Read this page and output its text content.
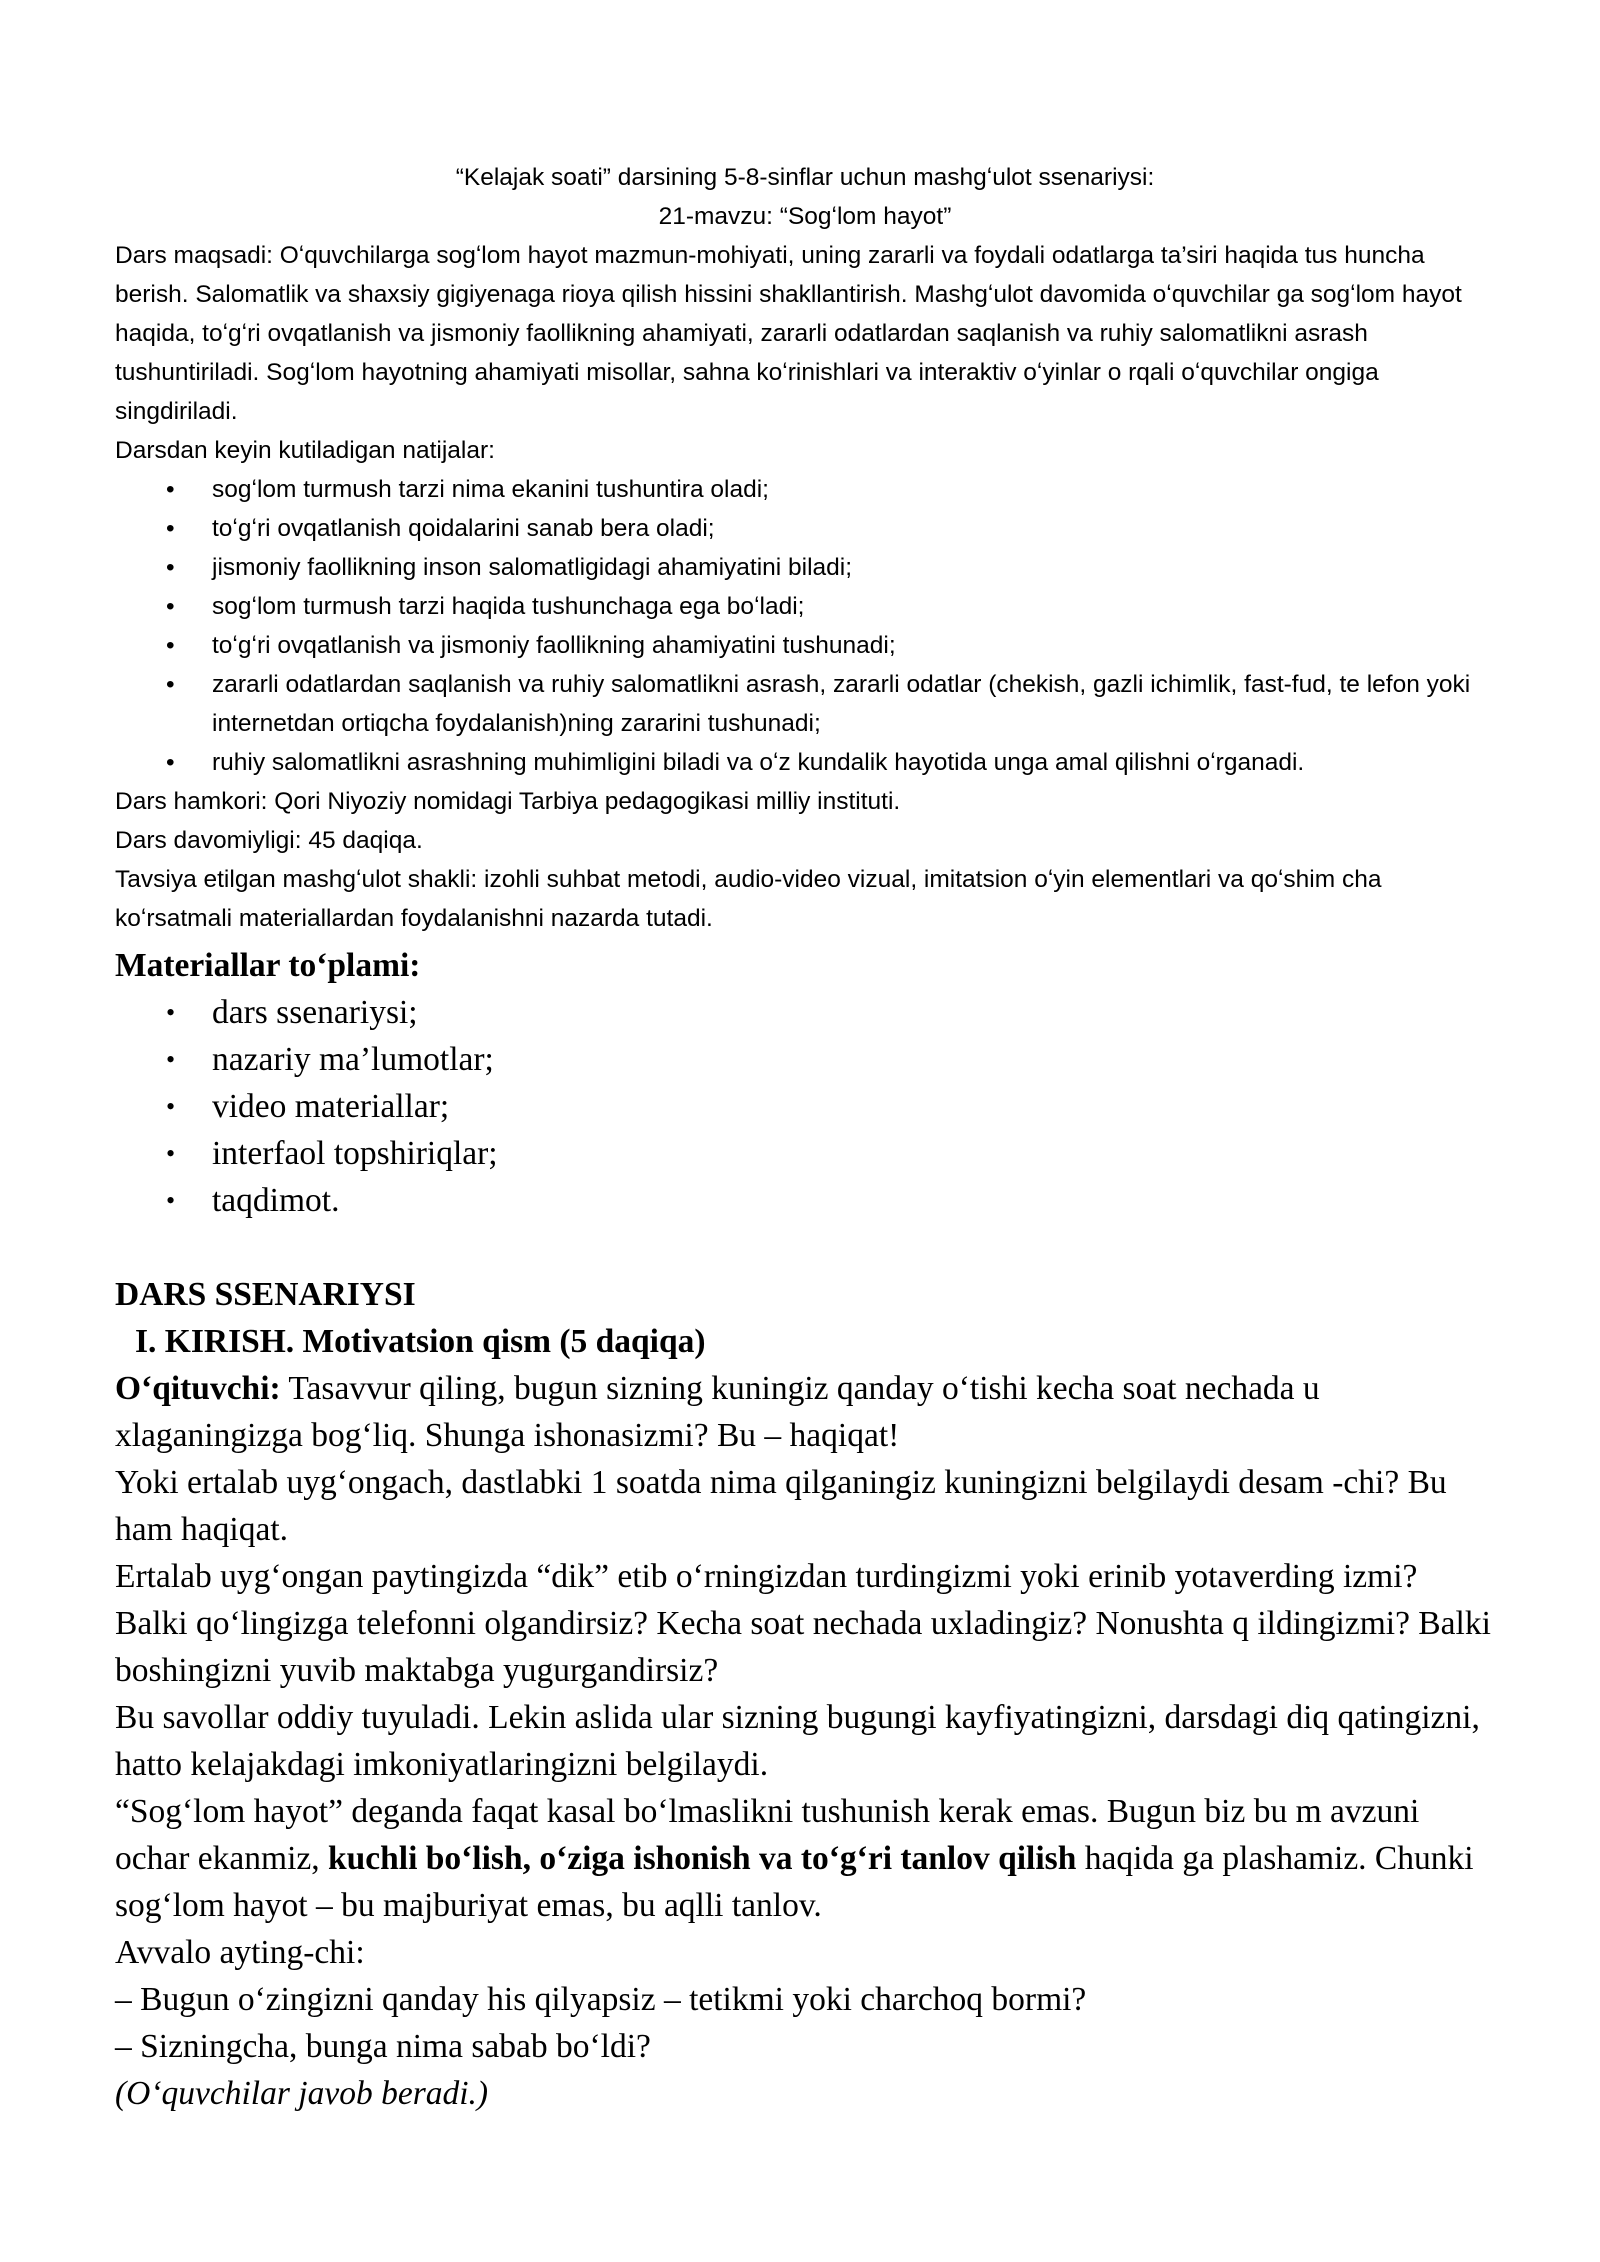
“Kelajak soati” darsining 5-8-sinflar uchun mashgʻulot ssenariysi:

21-mavzu: “Sogʻlom hayot”

Dars maqsadi: Oʻquvchilarga sogʻlom hayot mazmun-mohiyati, uning zararli va foydali odatlarga ta’siri haqida tus huncha berish. Salomatlik va shaxsiy gigiyenaga rioya qilish hissini shakllantirish. Mashgʻulot davomida oʻquvchilar ga sogʻlom hayot haqida, toʻgʻri ovqatlanish va jismoniy faollikning ahamiyati, zararli odatlardan saqlanish va ruhiy salomatlikni asrash tushuntiriladi. Sogʻlom hayotning ahamiyati misollar, sahna koʻrinishlari va interaktiv oʻyinlar o rqali oʻquvchilar ongiga singdiriladi.

Darsdan keyin kutiladigan natijalar:

• sogʻlom turmush tarzi nima ekanini tushuntira oladi;
• toʻgʻri ovqatlanish qoidalarini sanab bera oladi;
• jismoniy faollikning inson salomatligidagi ahamiyatini biladi;
• sogʻlom turmush tarzi haqida tushunchaga ega boʻladi;
• toʻgʻri ovqatlanish va jismoniy faollikning ahamiyatini tushunadi;
• zararli odatlardan saqlanish va ruhiy salomatlikni asrash, zararli odatlar (chekish, gazli ichimlik, fast-fud, te lefon yoki internetdan ortiqcha foydalanish)ning zararini tushunadi;
• ruhiy salomatlikni asrashning muhimligini biladi va oʻz kundalik hayotida unga amal qilishni oʻrganadi.

Dars hamkori: Qori Niyoziy nomidagi Tarbiya pedagogikasi milliy instituti.

Dars davomiyligi: 45 daqiqa.

Tavsiya etilgan mashgʻulot shakli: izohli suhbat metodi, audio-video vizual, imitatsion oʻyin elementlari va qoʻshim cha koʻrsatmali materiallardan foydalanishni nazarda tutadi.

Materiallar toʻplami:

• dars ssenariysi;
• nazariy ma’lumotlar;
• video materiallar;
• interfaol topshiriqlar;
• taqdimot.

DARS SSENARIYSI

I. KIRISH. Motivatsion qism (5 daqiqa)

Oʻqituvchi: Tasavvur qiling, bugun sizning kuningiz qanday oʻtishi kecha soat nechada u xlaganingizga bogʻliq. Shunga ishonasizmi? Bu – haqiqat!

Yoki ertalab uygʻongach, dastlabki 1 soatda nima qilganingiz kuningizni belgilaydi desam -chi? Bu ham haqiqat.

Ertalab uygʻongan paytingizda “dik” etib oʻrningizdan turdingizmi yoki erinib yotaverding izmi? Balki qoʻlingizga telefonni olgandirsiz? Kecha soat nechada uxladingiz? Nonushta q ildingizmi? Balki boshingizni yuvib maktabga yugurgandirsiz?

Bu savollar oddiy tuyuladi. Lekin aslida ular sizning bugungi kayfiyatingizni, darsdagi diq qatingizni, hatto kelajakdagi imkoniyatlaringizni belgilaydi.

“Sogʻlom hayot” deganda faqat kasal boʻlmaslikni tushunish kerak emas. Bugun biz bu m avzuni ochar ekanmiz, kuchli boʻlish, oʻziga ishonish va toʻgʻri tanlov qilish haqida ga plashamiz. Chunki sogʻlom hayot – bu majburiyat emas, bu aqlli tanlov.

Avvalo ayting-chi:

– Bugun oʻzingizni qanday his qilyapsiz – tetikmi yoki charchoq bormi?

– Sizningcha, bunga nima sabab boʻldi?

(Oʻquvchilar javob beradi.)
